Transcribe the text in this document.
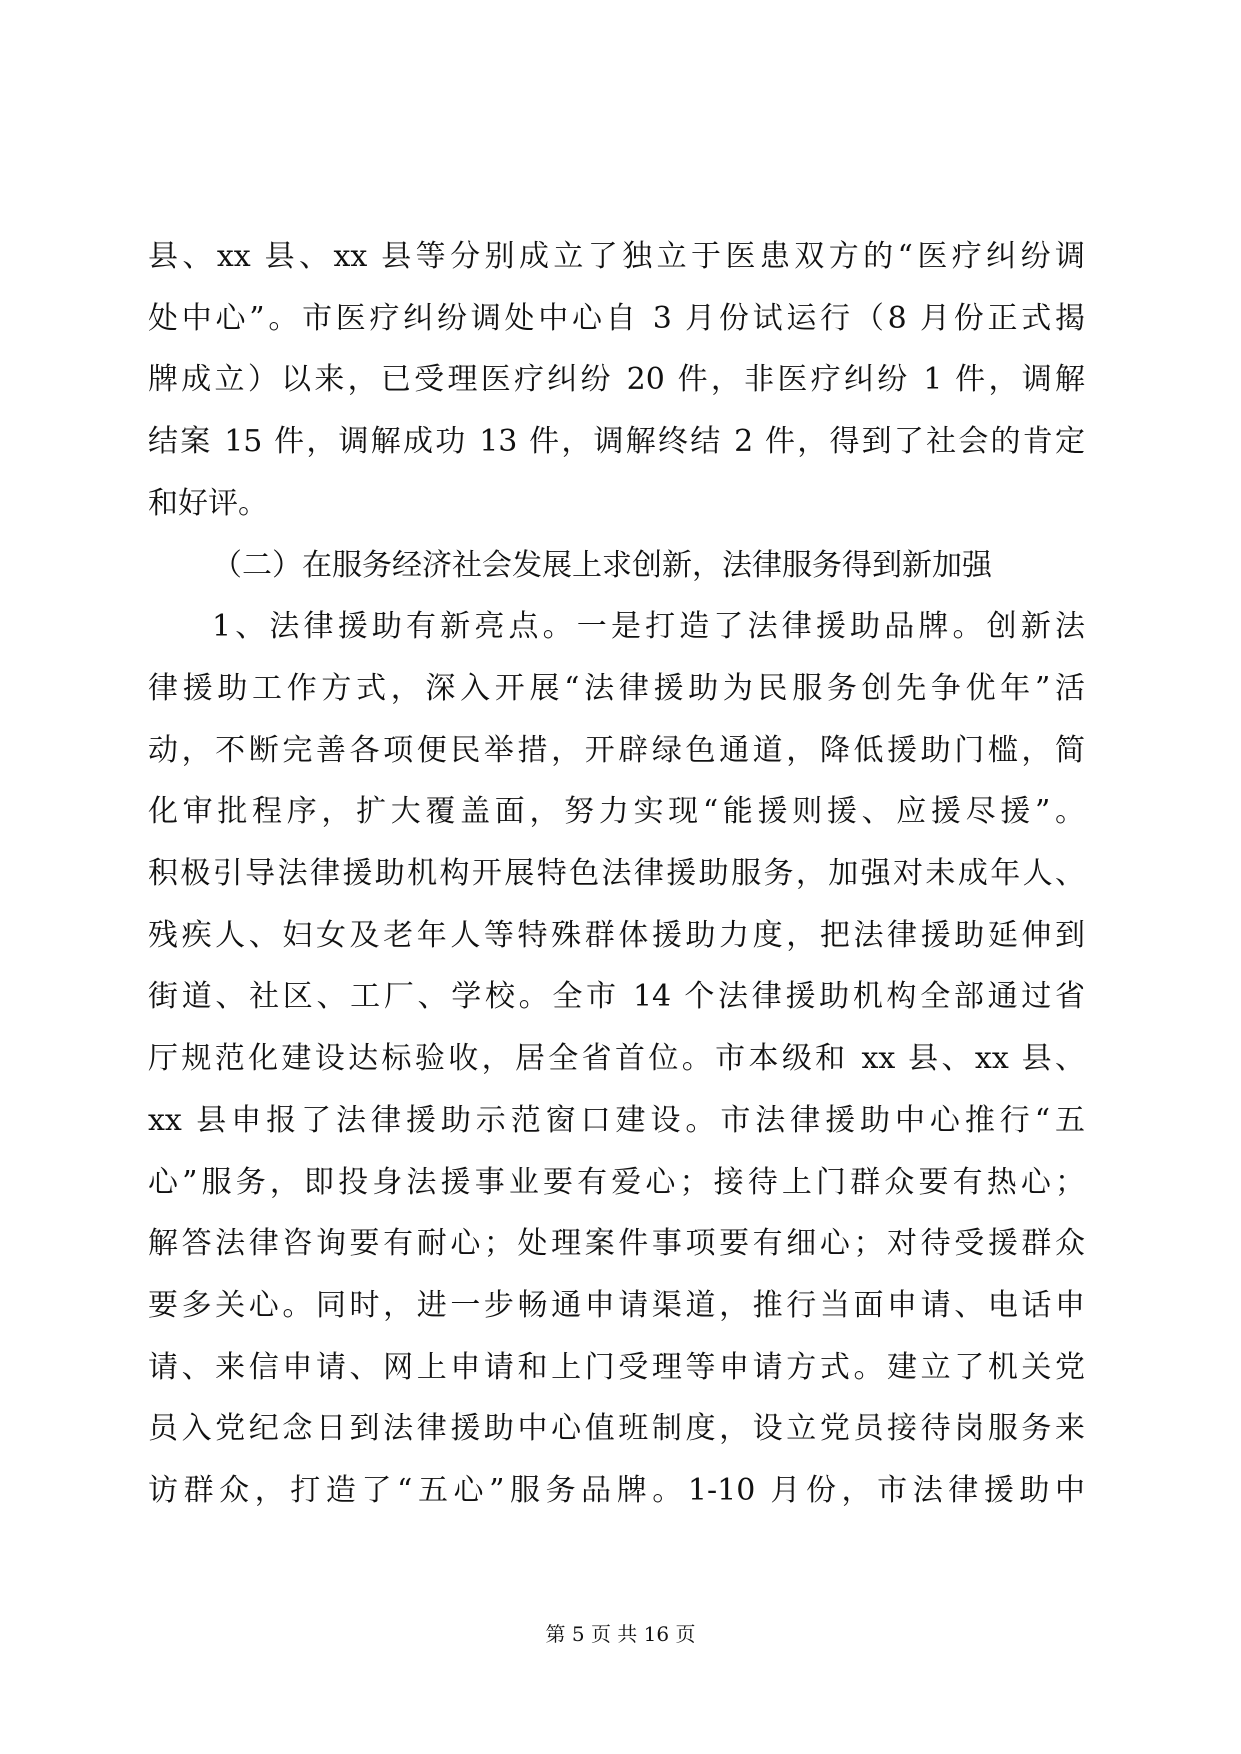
县、xx 县、xx 县等分别成立了独立于医患双方的“医疗纠纷调
处中心”。市医疗纠纷调处中心自 3 月份试运行（8 月份正式揭
牌成立）以来，已受理医疗纠纷 20 件，非医疗纠纷 1 件，调解
结案 15 件，调解成功 13 件，调解终结 2 件，得到了社会的肯定
和好评。
（二）在服务经济社会发展上求创新，法律服务得到新加强
1、法律援助有新亮点。一是打造了法律援助品牌。创新法
律援助工作方式，深入开展“法律援助为民服务创先争优年”活
动，不断完善各项便民举措，开辟绿色通道，降低援助门槛，简
化审批程序，扩大覆盖面，努力实现“能援则援、应援尽援”。
积极引导法律援助机构开展特色法律援助服务，加强对未成年人、
残疾人、妇女及老年人等特殊群体援助力度，把法律援助延伸到
街道、社区、工厂、学校。全市 14 个法律援助机构全部通过省
厅规范化建设达标验收，居全省首位。市本级和 xx 县、xx 县、
xx 县申报了法律援助示范窗口建设。市法律援助中心推行“五
心”服务，即投身法援事业要有爱心；接待上门群众要有热心；
解答法律咨询要有耐心；处理案件事项要有细心；对待受援群众
要多关心。同时，进一步畅通申请渠道，推行当面申请、电话申
请、来信申请、网上申请和上门受理等申请方式。建立了机关党
员入党纪念日到法律援助中心值班制度，设立党员接待岗服务来
访群众，打造了“五心”服务品牌。1-10 月份，市法律援助中
第 5 页 共 16 页
